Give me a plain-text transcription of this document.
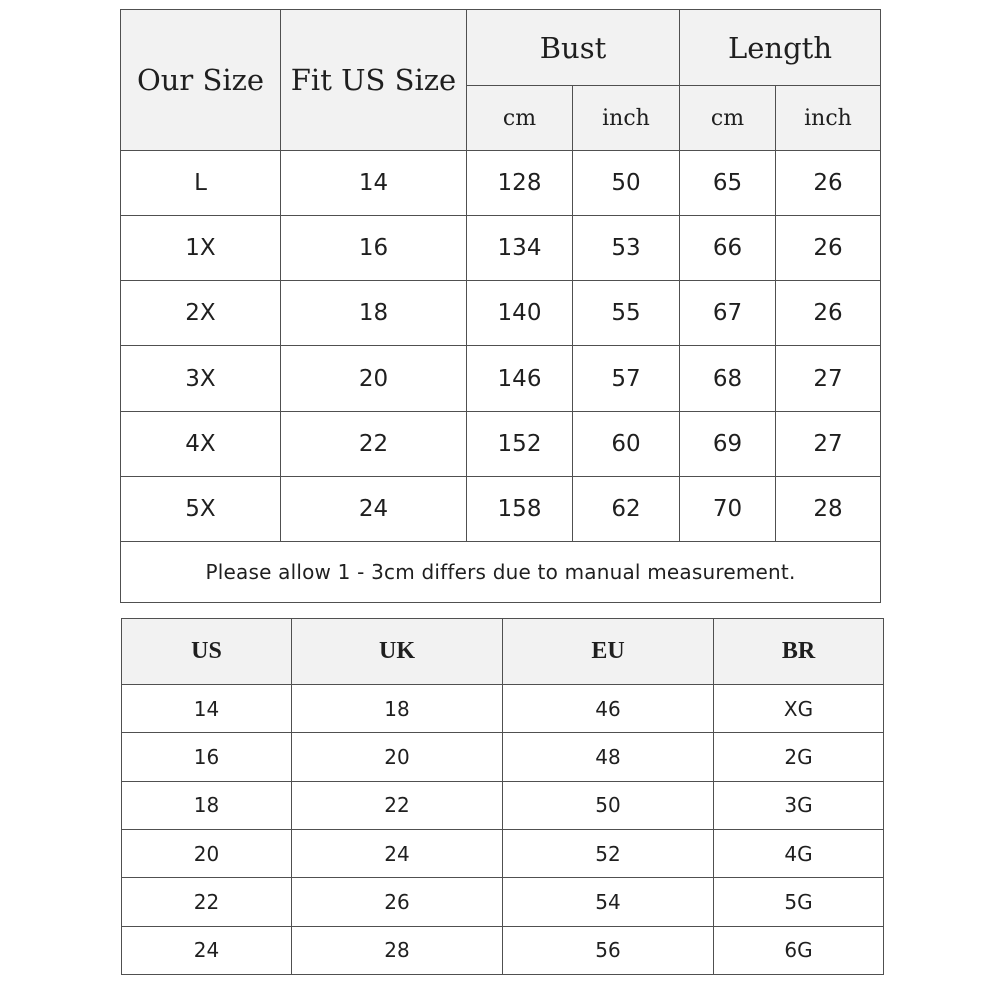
Our Size	Fit US Size	Bust		Length	
		cm	inch	cm	inch
L	14	128	50	65	26
1X	16	134	53	66	26
2X	18	140	55	67	26
3X	20	146	57	68	27
4X	22	152	60	69	27
5X	24	158	62	70	28
Please allow 1 - 3cm differs due to manual measurement.					
US	UK	EU	BR
14	18	46	XG
16	20	48	2G
18	22	50	3G
20	24	52	4G
22	26	54	5G
24	28	56	6G
